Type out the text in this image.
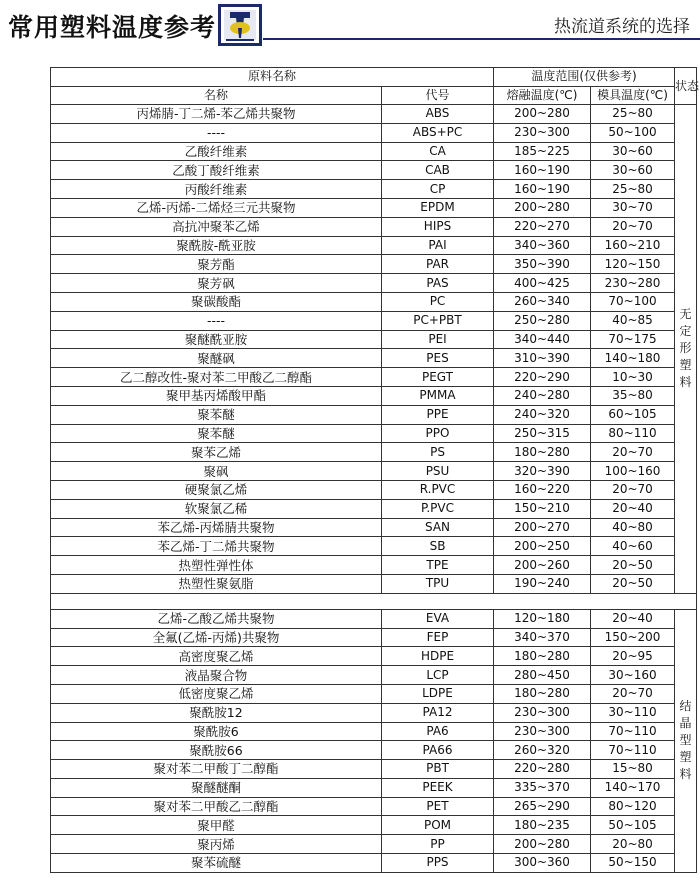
常用塑料温度参考	热流道系统的选择
原料名称		温度范围(仅供参考)		状态

名称	代号	熔融温度(℃)	模具温度(℃)	
丙烯腈-丁二烯-苯乙烯共聚物	ABS	200~280	25~80	无
定
形
塑
料

----	ABS+PC	230~300	50~100	
乙酸纤维素	CA	185~225	30~60	
乙酸丁酸纤维素	CAB	160~190	30~60	
丙酸纤维素	CP	160~190	25~80	
乙烯-丙烯-二烯烃三元共聚物	EPDM	200~280	30~70	
高抗冲聚苯乙烯	HIPS	220~270	20~70	
聚酰胺-酰亚胺	PAI	340~360	160~210	
聚芳酯	PAR	350~390	120~150	
聚芳砜	PAS	400~425	230~280	
聚碳酸酯	PC	260~340	70~100	
----	PC+PBT	250~280	40~85	
聚醚酰亚胺	PEI	340~440	70~175	
聚醚砜	PES	310~390	140~180	
乙二醇改性-聚对苯二甲酸乙二醇酯	PEGT	220~290	10~30	
聚甲基丙烯酸甲酯	PMMA	240~280	35~80	
聚苯醚	PPE	240~320	60~105	
聚苯醚	PPO	250~315	80~110	
聚苯乙烯	PS	180~280	20~70	
聚砜	PSU	320~390	100~160	
硬聚氯乙烯	R.PVC	160~220	20~70	
软聚氯乙稀	P.PVC	150~210	20~40	
苯乙烯-丙烯腈共聚物	SAN	200~270	40~80	
苯乙烯-丁二烯共聚物	SB	200~250	40~60	
热塑性弹性体	TPE	200~260	20~50	
热塑性聚氨脂	TPU	190~240	20~50	

乙烯-乙酸乙烯共聚物	EVA	120~180	20~40	结
晶
型
塑
料

全氟(乙烯-丙烯)共聚物	FEP	340~370	150~200	
高密度聚乙烯	HDPE	180~280	20~95	
液晶聚合物	LCP	280~450	30~160	
低密度聚乙烯	LDPE	180~280	20~70	
聚酰胺12	PA12	230~300	30~110	
聚酰胺6	PA6	230~300	70~110	
聚酰胺66	PA66	260~320	70~110	
聚对苯二甲酸丁二醇酯	PBT	220~280	15~80	
聚醚醚酮	PEEK	335~370	140~170	
聚对苯二甲酸乙二醇酯	PET	265~290	80~120	
聚甲醛	POM	180~235	50~105	
聚丙烯	PP	200~280	20~80	
聚苯硫醚	PPS	300~360	50~150	
